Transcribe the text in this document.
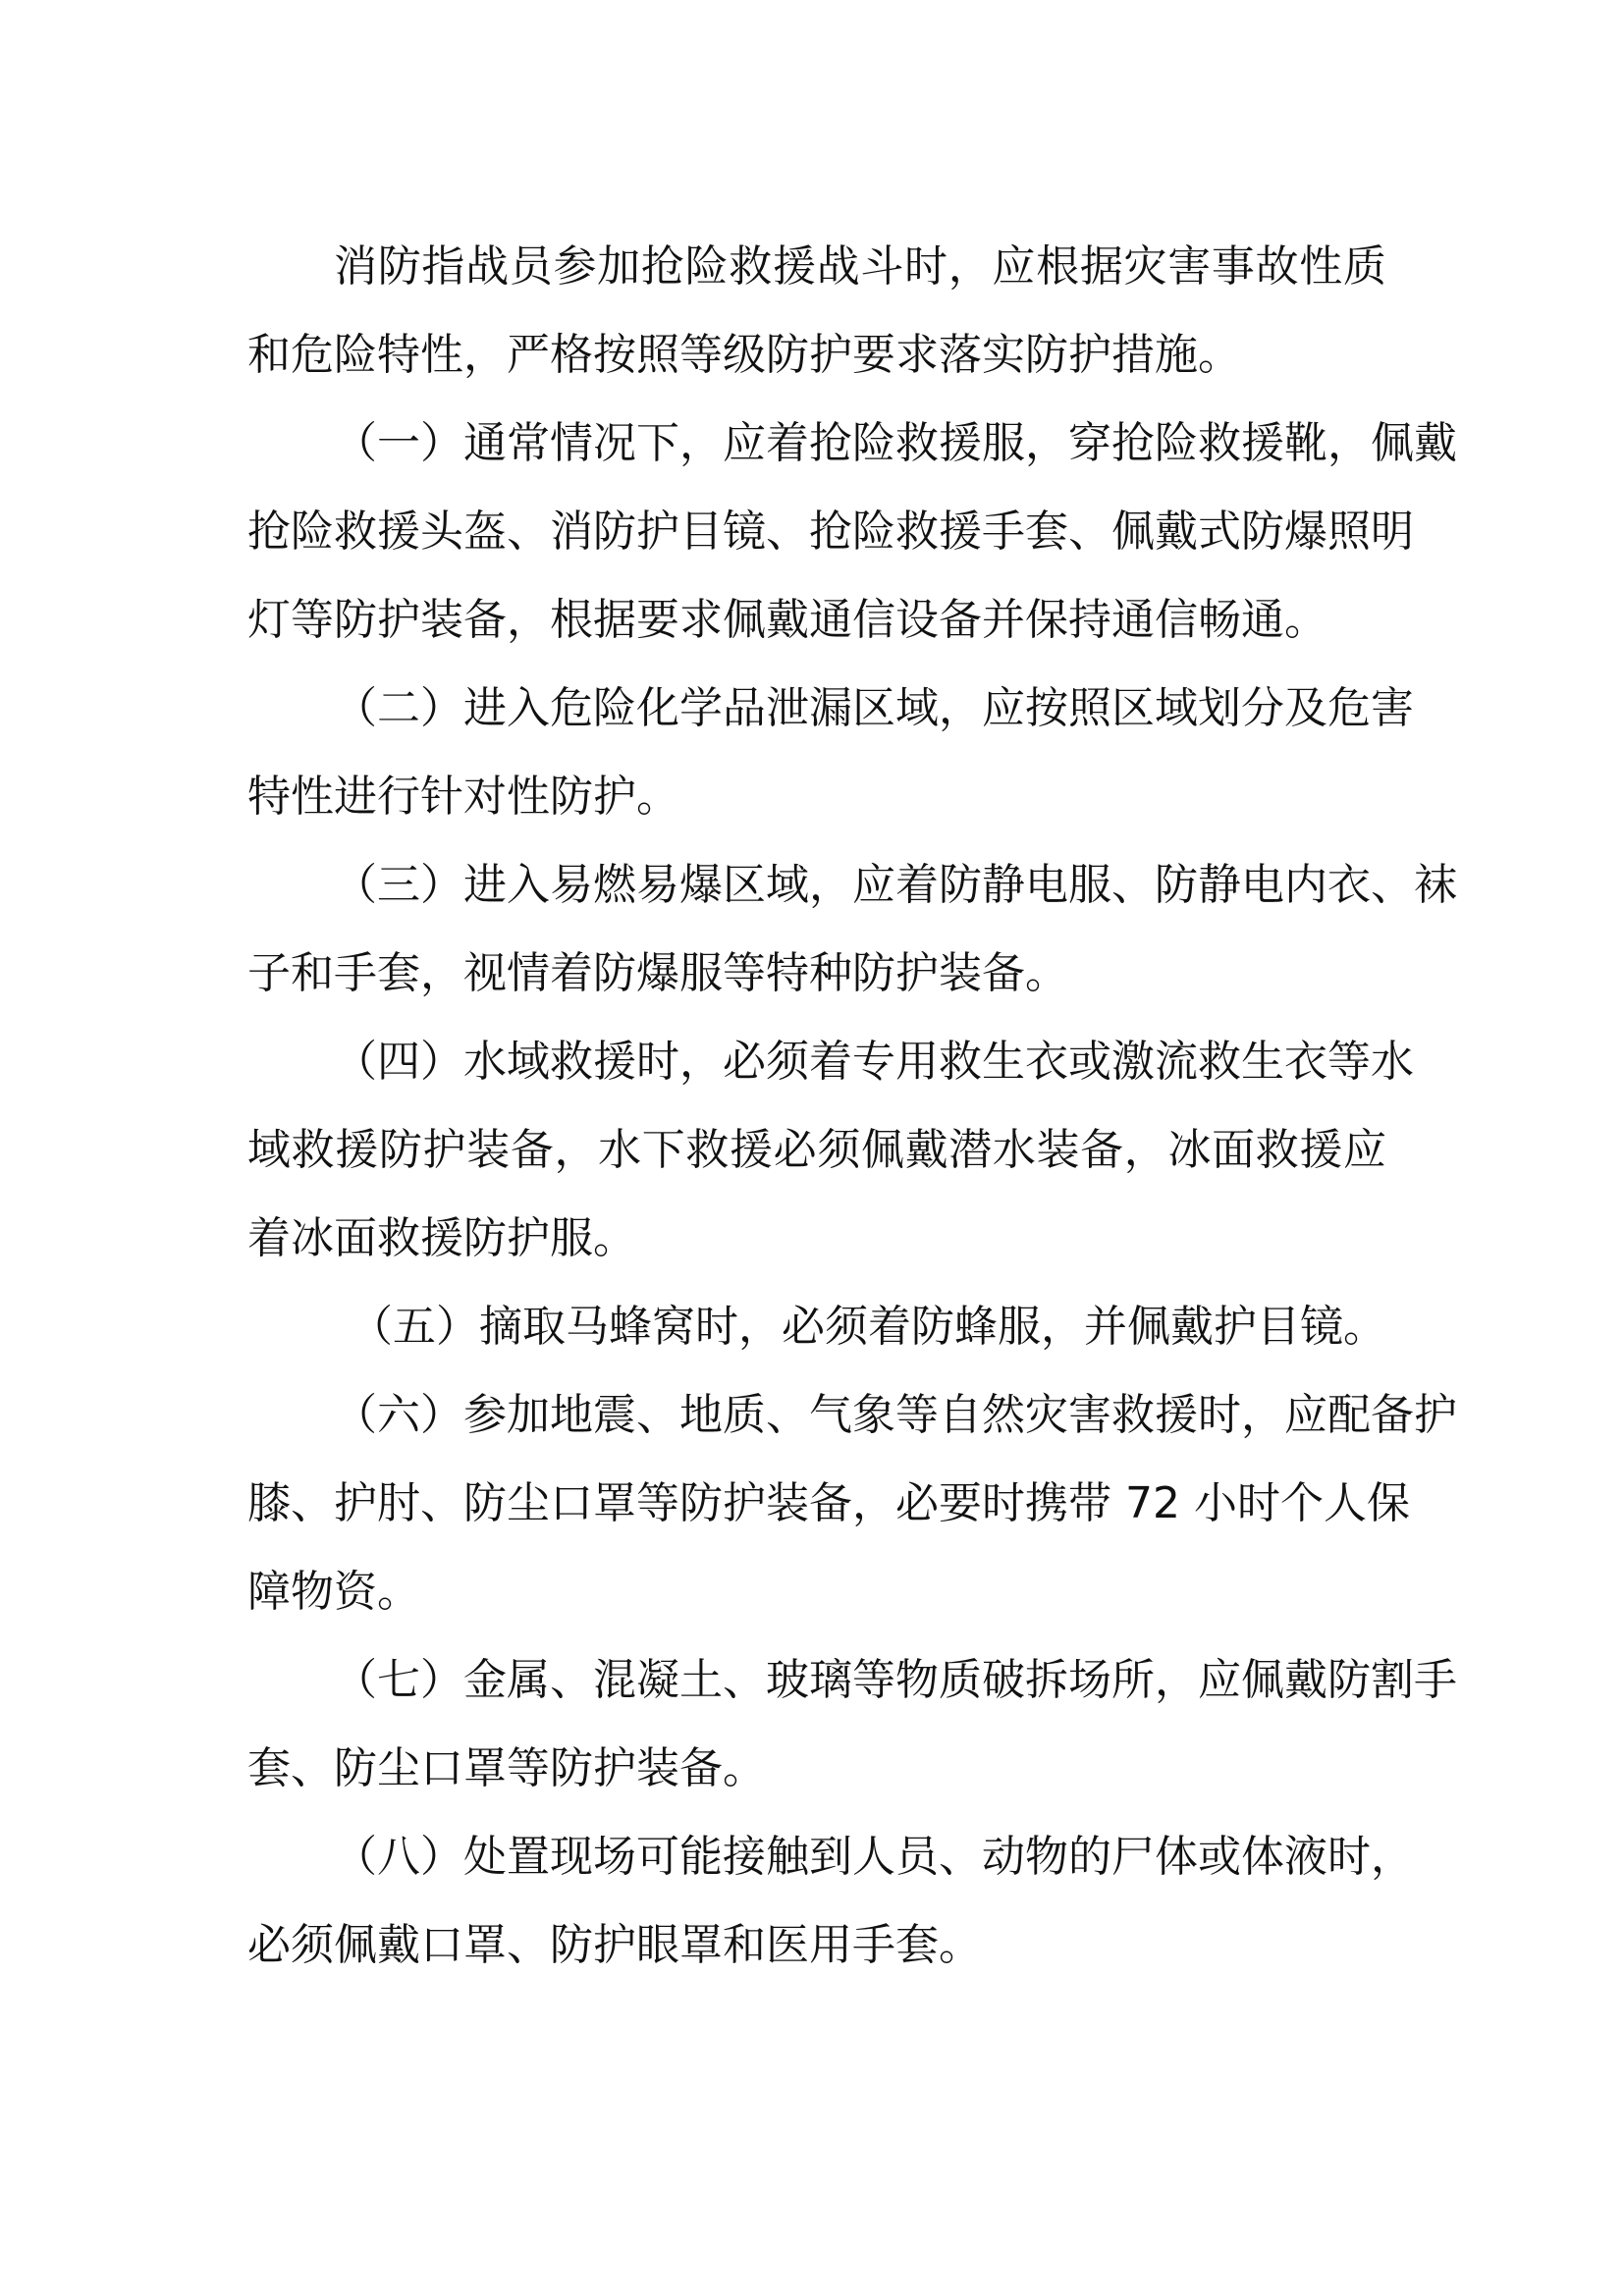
消防指战员参加抢险救援战斗时，应根据灾害事故性质
和危险特性，严格按照等级防护要求落实防护措施。
（一）通常情况下，应着抢险救援服，穿抢险救援靴，佩戴
抢险救援头盔、消防护目镜、抢险救援手套、佩戴式防爆照明
灯等防护装备，根据要求佩戴通信设备并保持通信畅通。
（二）进入危险化学品泄漏区域，应按照区域划分及危害
特性进行针对性防护。
（三）进入易燃易爆区域，应着防静电服、防静电内衣、袜
子和手套，视情着防爆服等特种防护装备。
（四）水域救援时，必须着专用救生衣或激流救生衣等水
域救援防护装备，水下救援必须佩戴潜水装备，冰面救援应
着冰面救援防护服。
（五）摘取马蜂窝时，必须着防蜂服，并佩戴护目镜。
（六）参加地震、地质、气象等自然灾害救援时，应配备护
膝、护肘、防尘口罩等防护装备，必要时携带 72 小时个人保
障物资。
（七）金属、混凝土、玻璃等物质破拆场所，应佩戴防割手
套、防尘口罩等防护装备。
（八）处置现场可能接触到人员、动物的尸体或体液时，
必须佩戴口罩、防护眼罩和医用手套。
